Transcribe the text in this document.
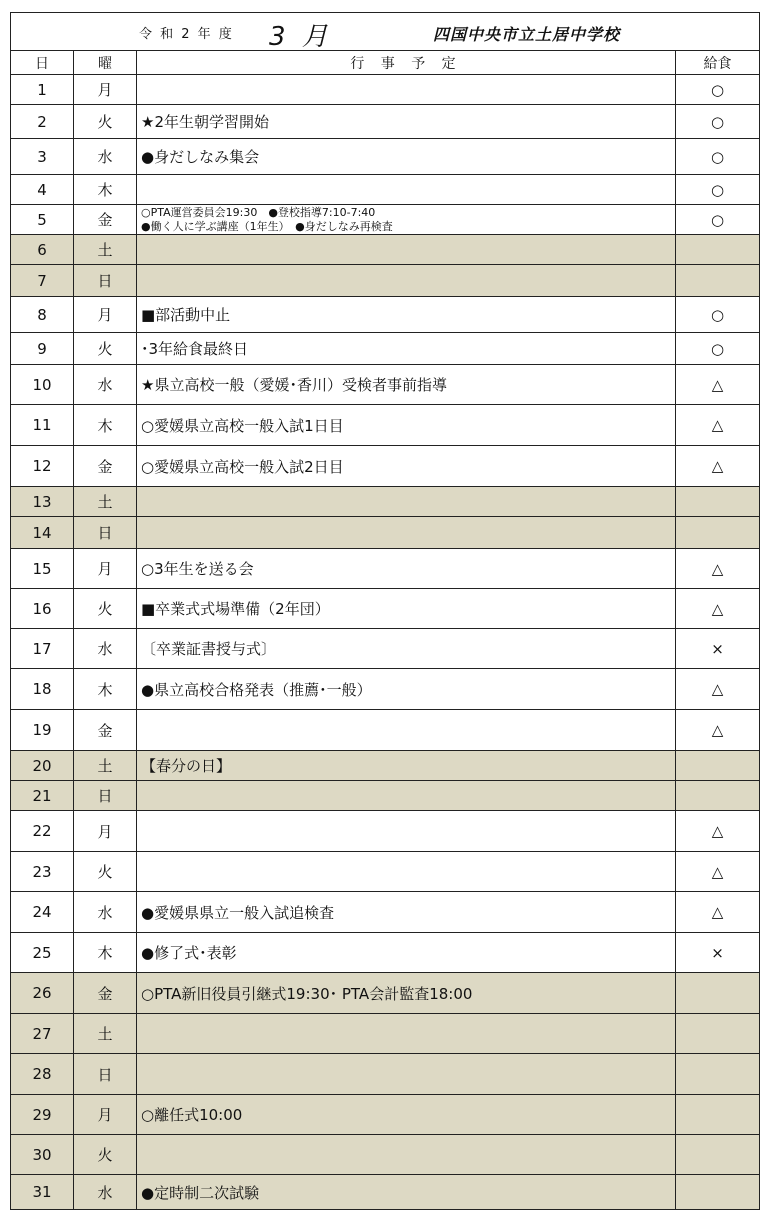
令 和 2 年 度 3 月 四国中央市立土居中学校			

日	曜	行 事 予 定	給食
1	月		○
2	火	★2年生朝学習開始	○
3	水	●身だしなみ集会	○
4	木		○
5	金	○PTA運営委員会19:30　●登校指導7:10-7:40
●働く人に学ぶ講座（1年生）　●身だしなみ再検査	○
6	土		
7	日		
8	月	■部活動中止	○
9	火	･3年給食最終日	○
10	水	★県立高校一般（愛媛･香川）受検者事前指導	△
11	木	○愛媛県立高校一般入試1日目	△
12	金	○愛媛県立高校一般入試2日目	△
13	土		
14	日		
15	月	○3年生を送る会	△
16	火	■卒業式式場準備（2年団）	△
17	水	〔卒業証書授与式〕	×
18	木	●県立高校合格発表（推薦･一般）	△
19	金		△
20	土	【春分の日】	
21	日		
22	月		△
23	火		△
24	水	●愛媛県県立一般入試追検査	△
25	木	●修了式･表彰	×
26	金	○PTA新旧役員引継式19:30･ PTA会計監査18:00	
27	土		
28	日		
29	月	○離任式10:00	
30	火		
31	水	●定時制二次試験	
